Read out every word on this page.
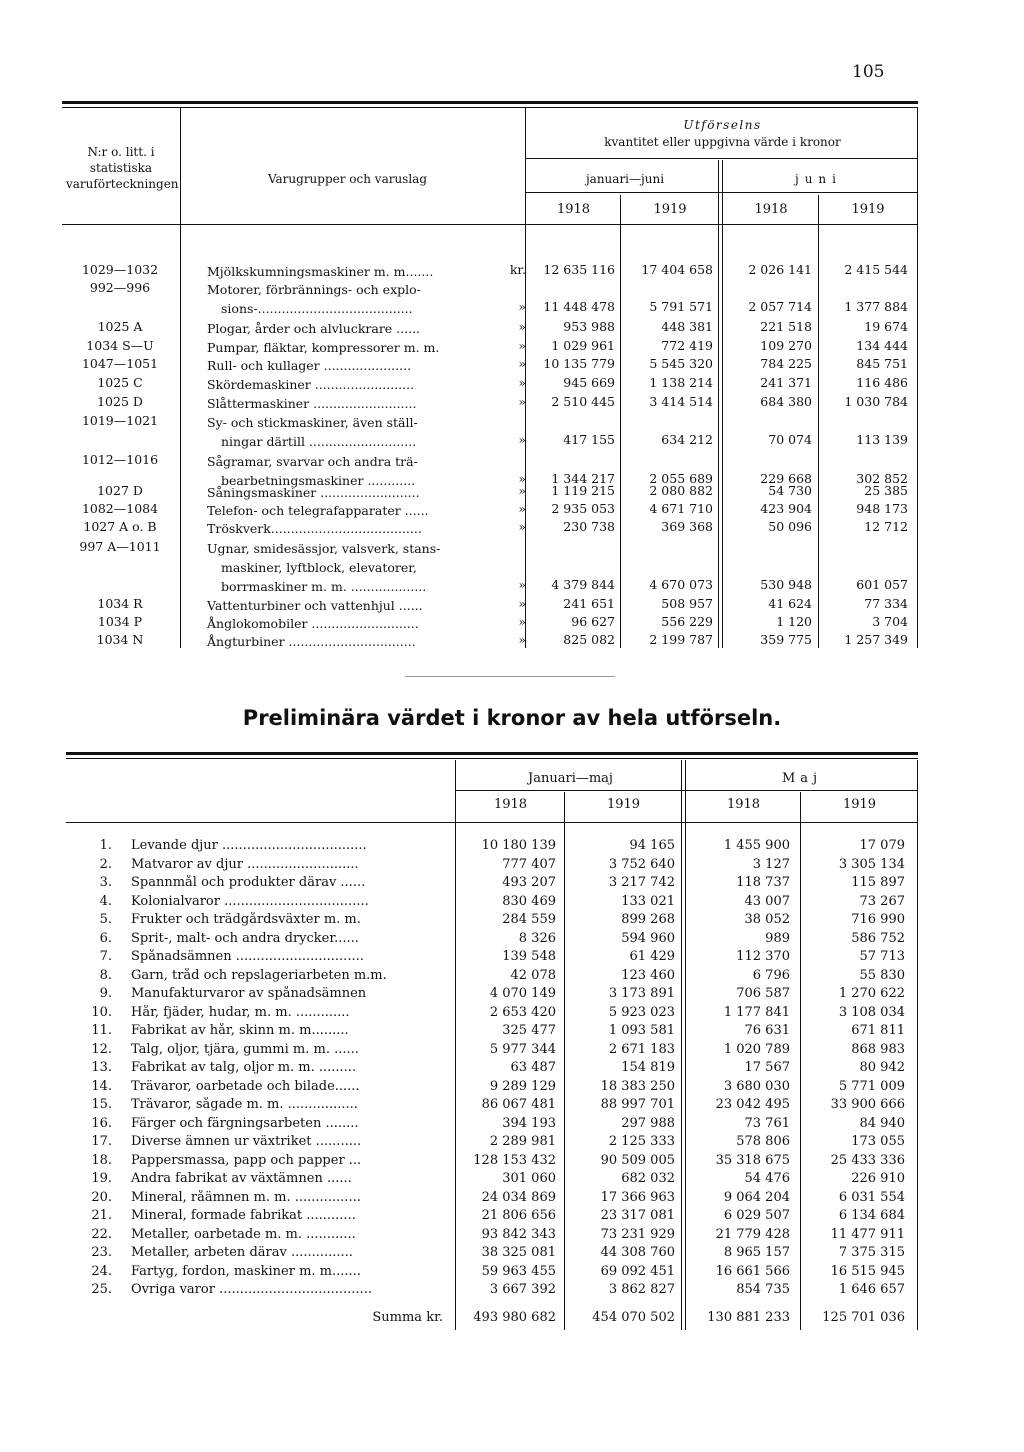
105
N:r o. litt. i statistiska varuförteckningen	Varugrupper och varuslag
Utförselns
kvantitet eller uppgivna värde i kronor
januari—juni	juni
1918	1919	1918	1919
1029—1032	Mjölkskumningsmaskiner m. m.......	kr.	12 635 116	17 404 658	2 026 141	2 415 544
992—996	Motorer, förbrännings- och explo-
sions-.......................................	»	11 448 478	5 791 571	2 057 714	1 377 884
1025 A	Plogar, årder och alvluckrare ......	»	953 988	448 381	221 518	19 674
1034 S—U	Pumpar, fläktar, kompressorer m. m.	»	1 029 961	772 419	109 270	134 444
1047—1051	Rull- och kullager ......................	»	10 135 779	5 545 320	784 225	845 751
1025 C	Skördemaskiner .........................	»	945 669	1 138 214	241 371	116 486
1025 D	Slåttermaskiner ..........................	»	2 510 445	3 414 514	684 380	1 030 784
1019—1021	Sy- och stickmaskiner, även ställ-
ningar därtill ...........................	»	417 155	634 212	70 074	113 139
1012—1016	Sågramar, svarvar och andra trä-
bearbetningsmaskiner ............	»	1 344 217	2 055 689	229 668	302 852
1027 D	Såningsmaskiner .........................	»	1 119 215	2 080 882	54 730	25 385
1082—1084	Telefon- och telegrafapparater ......	»	2 935 053	4 671 710	423 904	948 173
1027 A o. B	Tröskverk......................................	»	230 738	369 368	50 096	12 712
997 A—1011	Ugnar, smidesässjor, valsverk, stans-
maskiner, lyftblock, elevatorer,
borrmaskiner m. m. ...................	»	4 379 844	4 670 073	530 948	601 057
1034 R	Vattenturbiner och vattenhjul ......	»	241 651	508 957	41 624	77 334
1034 P	Ånglokomobiler ...........................	»	96 627	556 229	1 120	3 704
1034 N	Ångturbiner ................................	»	825 082	2 199 787	359 775	1 257 349
Preliminära värdet i kronor av hela utförseln.
Januari—maj	Maj
1918	1919	1918	1919
1. Levande djur ...................................	10 180 139	94 165	1 455 900	17 079
2. Matvaror av djur ...........................	777 407	3 752 640	3 127	3 305 134
3. Spannmål och produkter därav ......	493 207	3 217 742	118 737	115 897
4. Kolonialvaror ...................................	830 469	133 021	43 007	73 267
5. Frukter och trädgårdsväxter m. m.	284 559	899 268	38 052	716 990
6. Sprit-, malt- och andra drycker......	8 326	594 960	989	586 752
7. Spånadsämnen ...............................	139 548	61 429	112 370	57 713
8. Garn, tråd och repslageriarbeten m.m.	42 078	123 460	6 796	55 830
9. Manufakturvaror av spånadsämnen	4 070 149	3 173 891	706 587	1 270 622
10. Hår, fjäder, hudar, m. m. .............	2 653 420	5 923 023	1 177 841	3 108 034
11. Fabrikat av hår, skinn m. m.........	325 477	1 093 581	76 631	671 811
12. Talg, oljor, tjära, gummi m. m. ......	5 977 344	2 671 183	1 020 789	868 983
13. Fabrikat av talg, oljor m. m. .........	63 487	154 819	17 567	80 942
14. Trävaror, oarbetade och bilade......	9 289 129	18 383 250	3 680 030	5 771 009
15. Trävaror, sågade m. m. .................	86 067 481	88 997 701	23 042 495	33 900 666
16. Färger och färgningsarbeten ........	394 193	297 988	73 761	84 940
17. Diverse ämnen ur växtriket ...........	2 289 981	2 125 333	578 806	173 055
18. Pappersmassa, papp och papper ...	128 153 432	90 509 005	35 318 675	25 433 336
19. Andra fabrikat av växtämnen ......	301 060	682 032	54 476	226 910
20. Mineral, råämnen m. m. ................	24 034 869	17 366 963	9 064 204	6 031 554
21. Mineral, formade fabrikat ............	21 806 656	23 317 081	6 029 507	6 134 684
22. Metaller, oarbetade m. m. ............	93 842 343	73 231 929	21 779 428	11 477 911
23. Metaller, arbeten därav ...............	38 325 081	44 308 760	8 965 157	7 375 315
24. Fartyg, fordon, maskiner m. m.......	59 963 455	69 092 451	16 661 566	16 515 945
25. Övriga varor .....................................	3 667 392	3 862 827	854 735	1 646 657
Summa kr.	493 980 682	454 070 502	130 881 233	125 701 036
